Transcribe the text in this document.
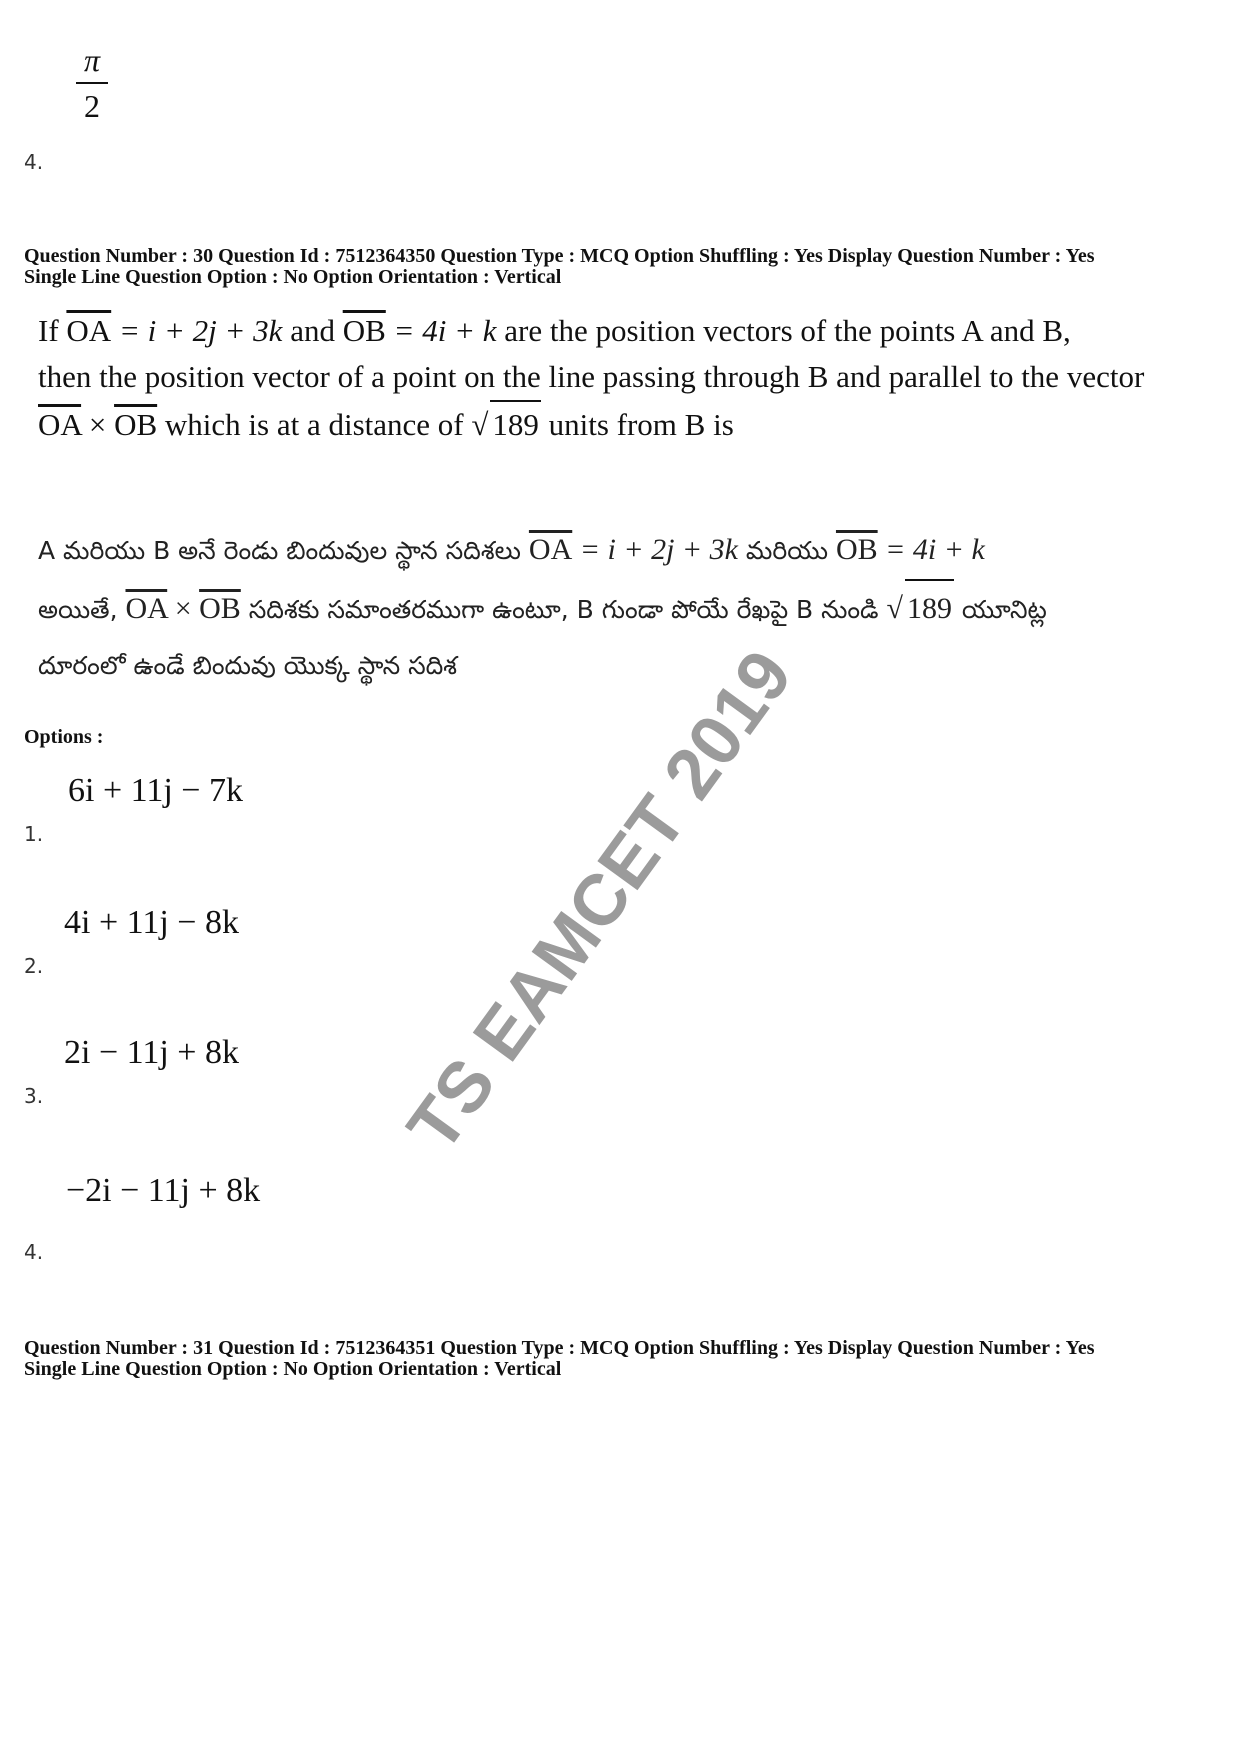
π
2
4.
Question Number : 30 Question Id : 7512364350 Question Type : MCQ Option Shuffling : Yes Display Question Number : Yes
Single Line Question Option : No Option Orientation : Vertical
If $\overline{OA} = i + 2j + 3k$ and $\overline{OB} = 4i + k$ are the position vectors of the points A and B,
then the position vector of a point on the line passing through B and parallel to the vector
$\overline{OA} \times \overline{OB}$ which is at a distance of √ 189 units from B is
A మరియు B అనే రెండు బిందువుల స్థాన సదిశలు $\overline{OA} = i + 2j + 3k$ మరియు $\overline{OB} = 4i + k$
అయితే, $\overline{OA} \times \overline{OB}$ సదిశకు సమాంతరముగా ఉంటూ, B గుండా పోయే రేఖపై B నుండి √ 189 యూనిట్ల
దూరంలో ఉండే బిందువు యొక్క స్థాన సదిశ
Options :
6i + 11j − 7k
1.
4i + 11j − 8k
2.
2i − 11j + 8k
3.
−2i − 11j + 8k
4.
Question Number : 31 Question Id : 7512364351 Question Type : MCQ Option Shuffling : Yes Display Question Number : Yes
Single Line Question Option : No Option Orientation : Vertical
TS EAMCET 2019
